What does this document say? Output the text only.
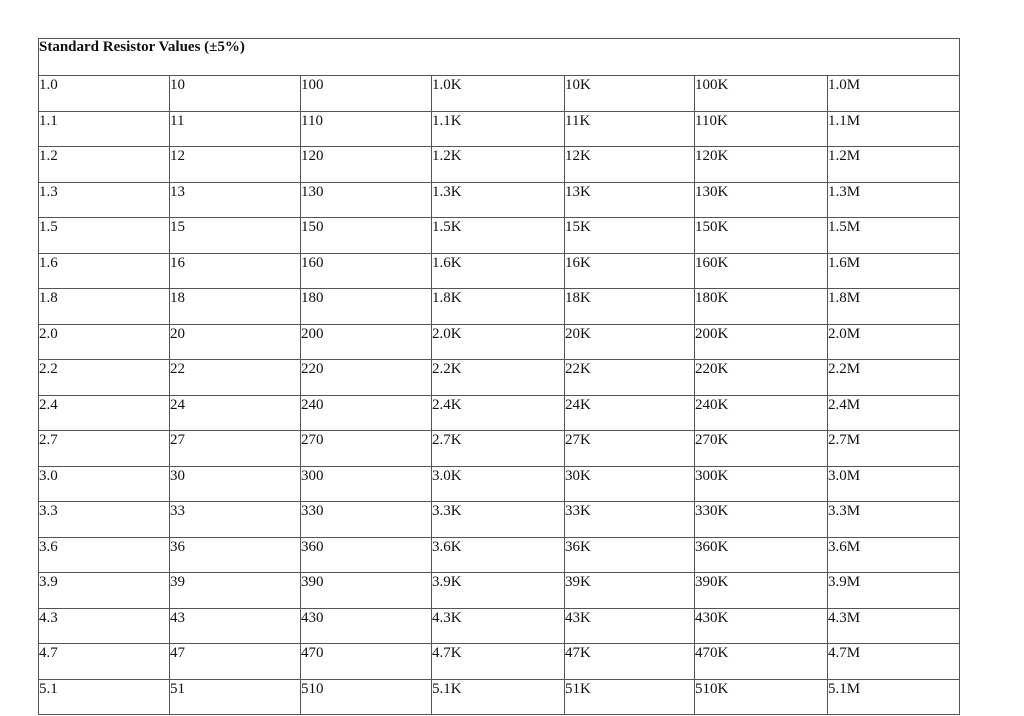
Standard Resistor Values (±5%)						
1.0	10	100	1.0K	10K	100K	1.0M
1.1	11	110	1.1K	11K	110K	1.1M
1.2	12	120	1.2K	12K	120K	1.2M
1.3	13	130	1.3K	13K	130K	1.3M
1.5	15	150	1.5K	15K	150K	1.5M
1.6	16	160	1.6K	16K	160K	1.6M
1.8	18	180	1.8K	18K	180K	1.8M
2.0	20	200	2.0K	20K	200K	2.0M
2.2	22	220	2.2K	22K	220K	2.2M
2.4	24	240	2.4K	24K	240K	2.4M
2.7	27	270	2.7K	27K	270K	2.7M
3.0	30	300	3.0K	30K	300K	3.0M
3.3	33	330	3.3K	33K	330K	3.3M
3.6	36	360	3.6K	36K	360K	3.6M
3.9	39	390	3.9K	39K	390K	3.9M
4.3	43	430	4.3K	43K	430K	4.3M
4.7	47	470	4.7K	47K	470K	4.7M
5.1	51	510	5.1K	51K	510K	5.1M
